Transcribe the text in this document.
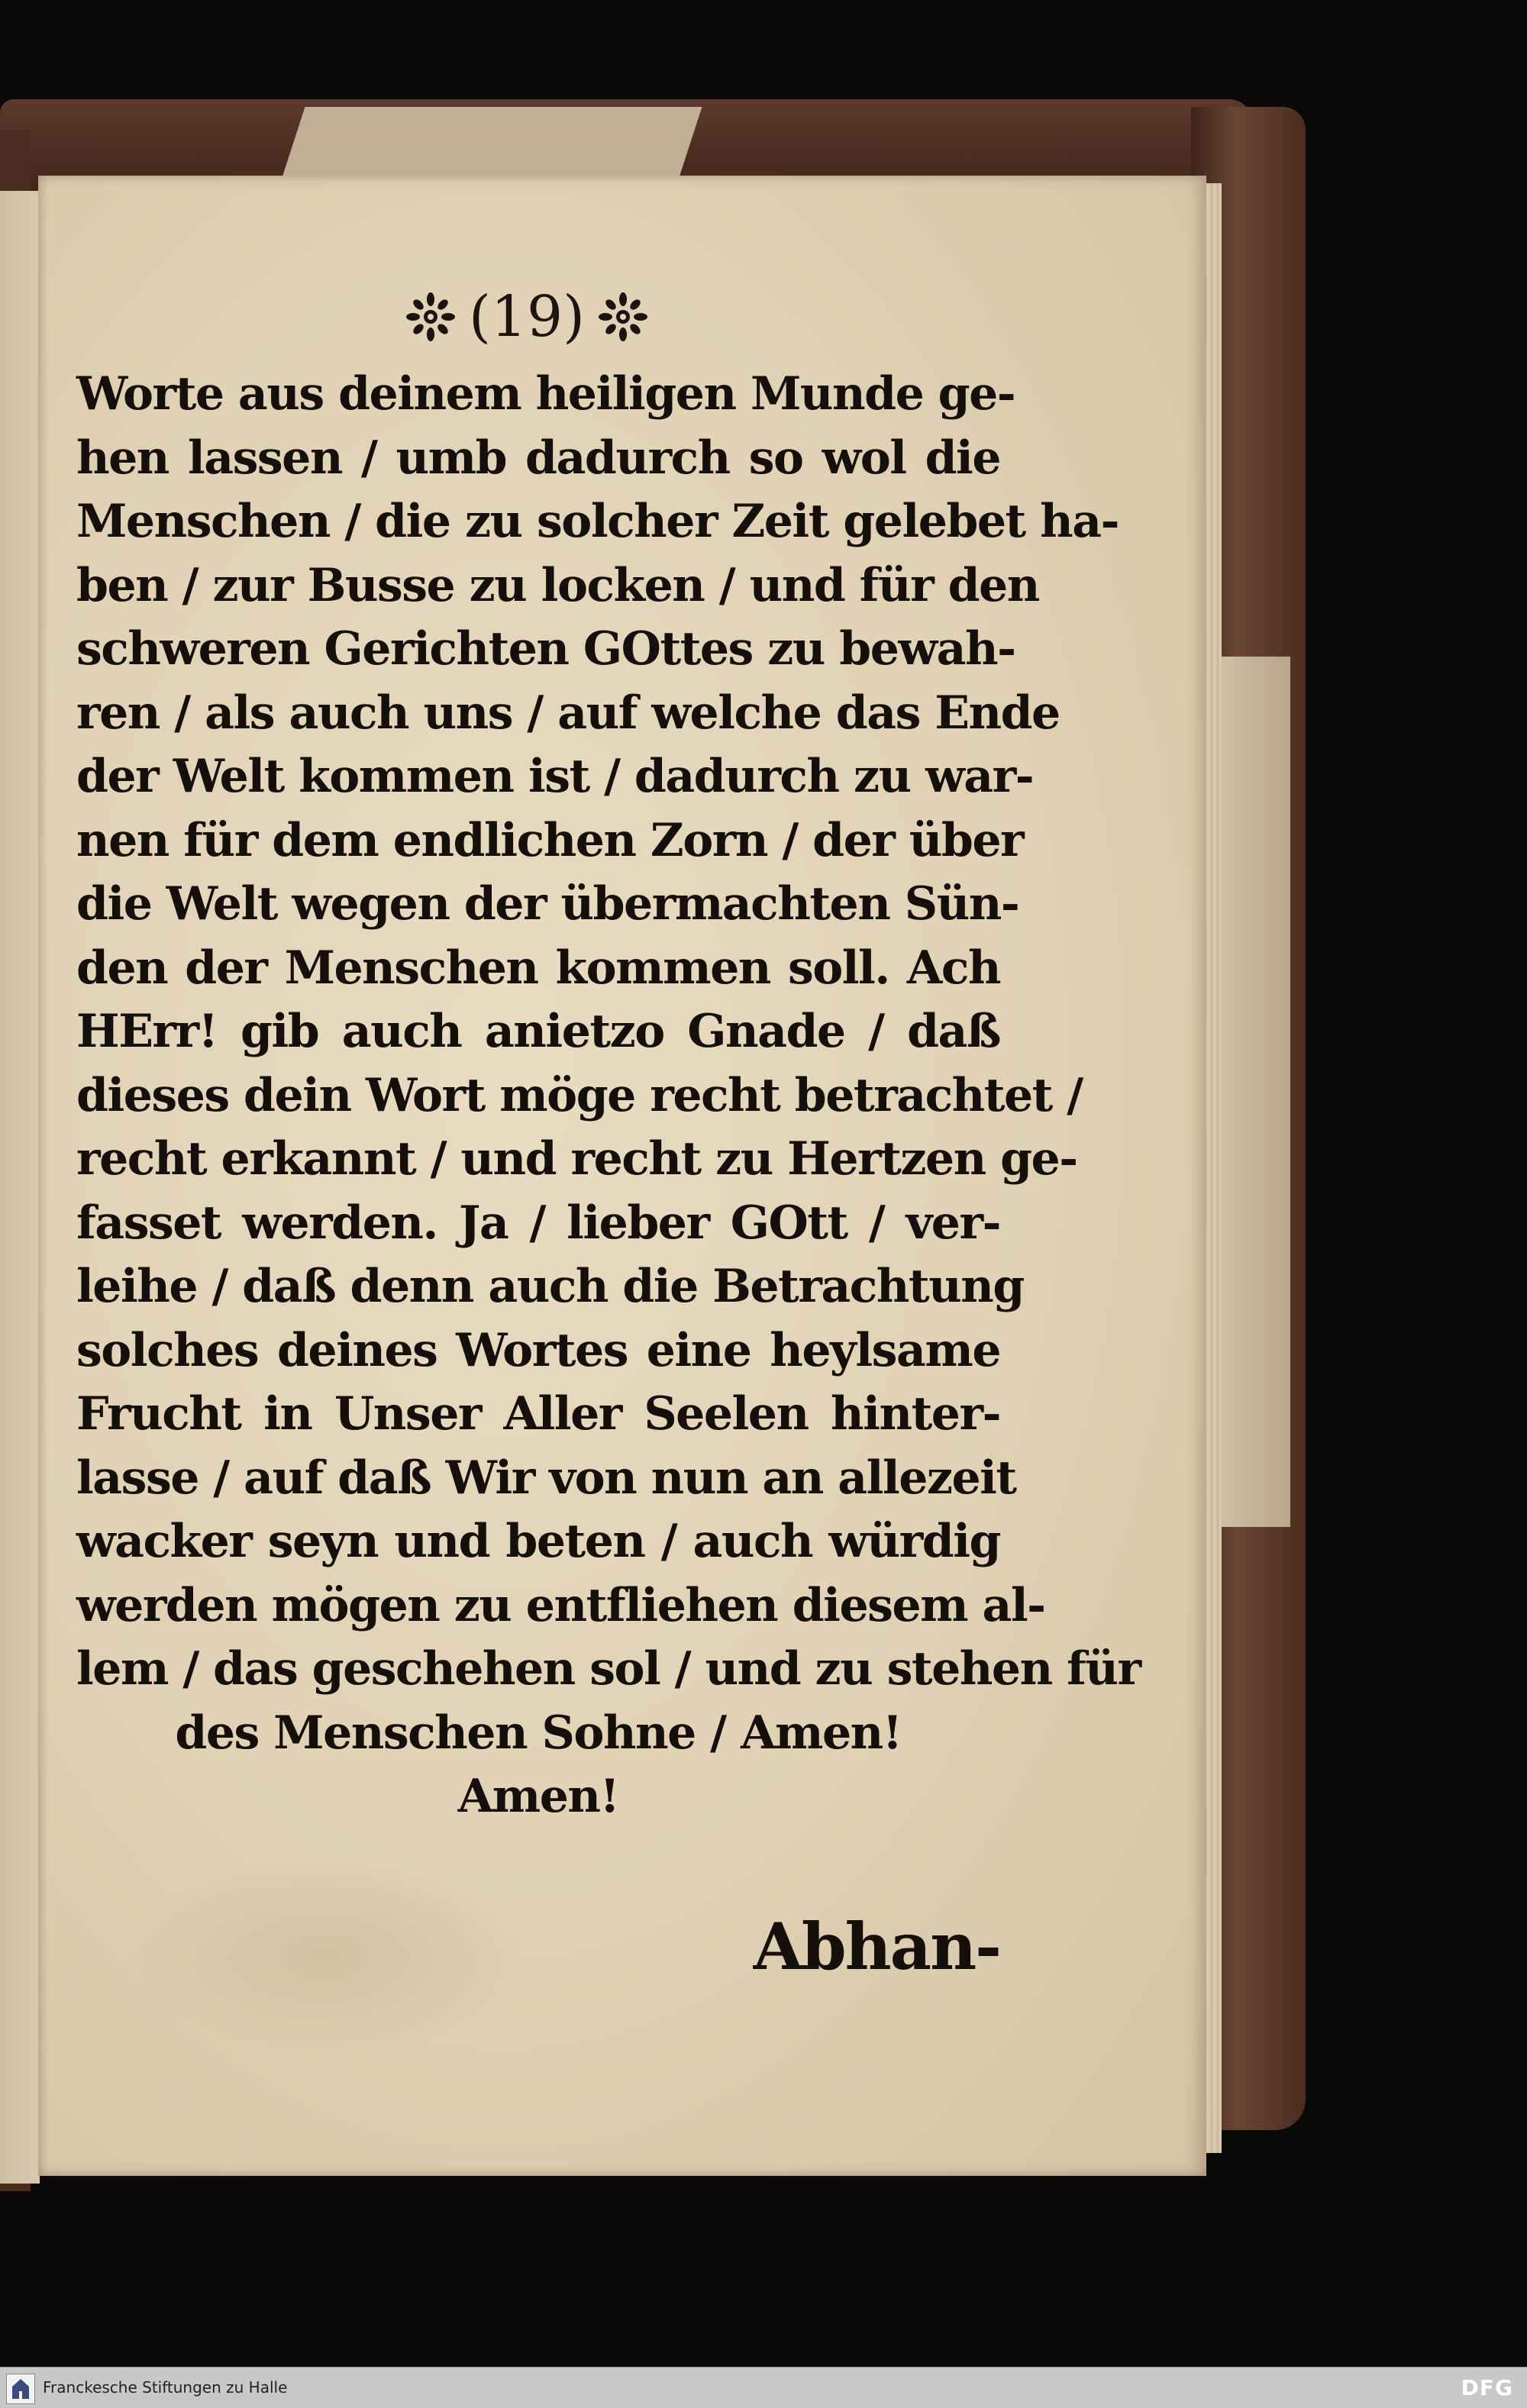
(19)
Worte aus deinem heiligen Munde ge-
hen lassen / umb dadurch so wol die
Menschen / die zu solcher Zeit gelebet ha-
ben / zur Busse zu locken / und für den
schweren Gerichten GOttes zu bewah-
ren / als auch uns / auf welche das Ende
der Welt kommen ist / dadurch zu war-
nen für dem endlichen Zorn / der über
die Welt wegen der übermachten Sün-
den der Menschen kommen soll. Ach
HErr! gib auch anietzo Gnade / daß
dieses dein Wort möge recht betrachtet /
recht erkannt / und recht zu Hertzen ge-
fasset werden. Ja / lieber GOtt / ver-
leihe / daß denn auch die Betrachtung
solches deines Wortes eine heylsame
Frucht in Unser Aller Seelen hinter-
lasse / auf daß Wir von nun an allezeit
wacker seyn und beten / auch würdig
werden mögen zu entfliehen diesem al-
lem / das geschehen sol / und zu stehen für
des Menschen Sohne / Amen!
Amen!
Abhan-
Franckesche Stiftungen zu Halle	DFG
